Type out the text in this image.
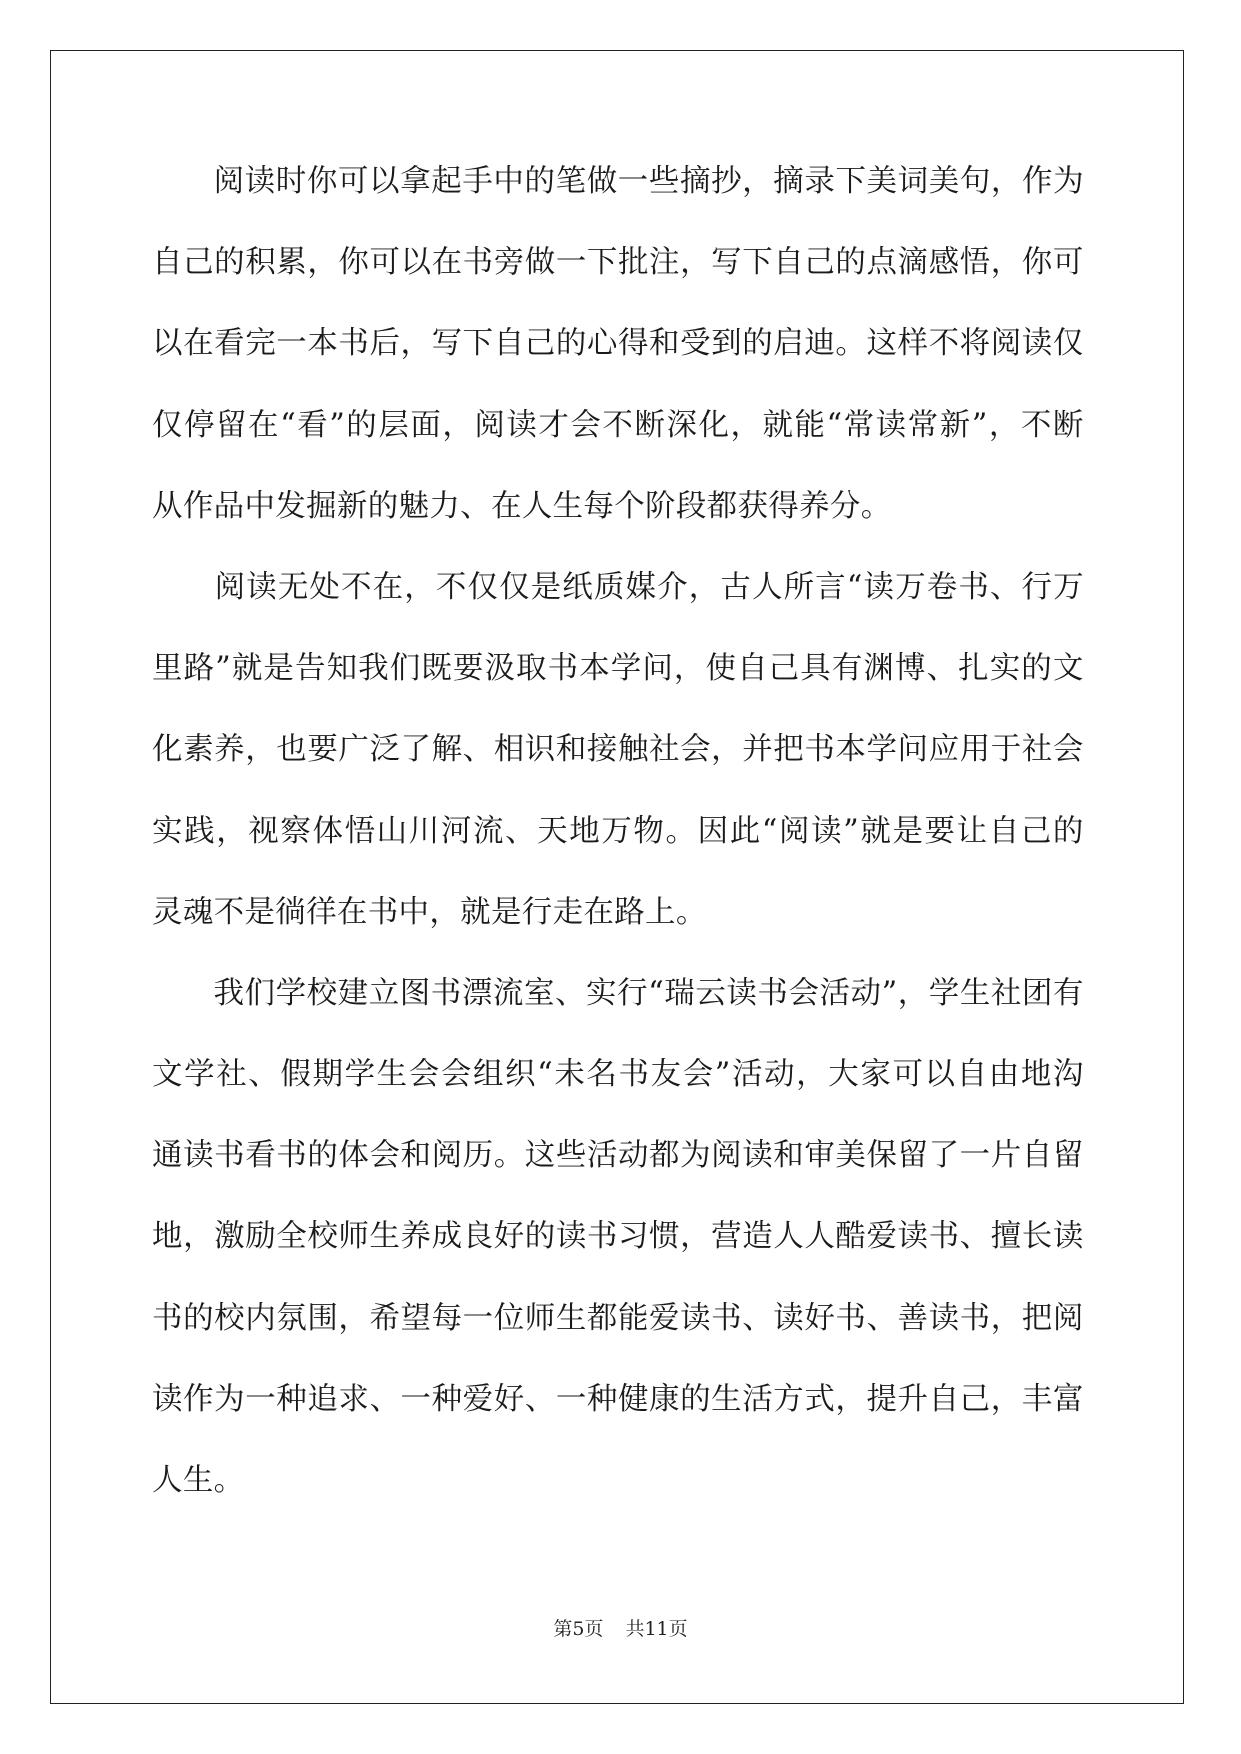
阅 读 时 你 可 以 拿 起 手 中 的 笔 做 一 些 摘 抄 ， 摘 录 下 美 词 美 句 ， 作 为
自 己 的 积 累 ， 你 可 以 在 书 旁 做 一 下 批 注 ， 写 下 自 己 的 点 滴 感 悟 ， 你 可
以 在 看 完 一 本 书 后 ， 写 下 自 己 的 心 得 和 受 到 的 启 迪 。 这 样 不 将 阅 读 仅
仅 停 留 在 “ 看 ” 的 层 面 ， 阅 读 才 会 不 断 深 化 ， 就 能 “ 常 读 常 新 ” ， 不 断
从 作 品 中 发 掘 新 的 魅 力 、 在 人 生 每 个 阶 段 都 获 得 养 分 。

阅 读 无 处 不 在 ， 不 仅 仅 是 纸 质 媒 介 ， 古 人 所 言 “ 读 万 卷 书 、 行 万
里 路 ” 就 是 告 知 我 们 既 要 汲 取 书 本 学 问 ， 使 自 己 具 有 渊 博 、 扎 实 的 文
化 素 养 ， 也 要 广 泛 了 解 、 相 识 和 接 触 社 会 ， 并 把 书 本 学 问 应 用 于 社 会
实 践 ， 视 察 体 悟 山 川 河 流 、 天 地 万 物 。 因 此 “ 阅 读 ” 就 是 要 让 自 己 的
灵 魂 不 是 徜 徉 在 书 中 ， 就 是 行 走 在 路 上 。

我 们 学 校 建 立 图 书 漂 流 室 、 实 行 “ 瑞 云 读 书 会 活 动 ” ， 学 生 社 团 有
文 学 社 、 假 期 学 生 会 会 组 织 “ 未 名 书 友 会 ” 活 动 ， 大 家 可 以 自 由 地 沟
通 读 书 看 书 的 体 会 和 阅 历 。 这 些 活 动 都 为 阅 读 和 审 美 保 留 了 一 片 自 留
地 ， 激 励 全 校 师 生 养 成 良 好 的 读 书 习 惯 ， 营 造 人 人 酷 爱 读 书 、 擅 长 读
书 的 校 内 氛 围 ， 希 望 每 一 位 师 生 都 能 爱 读 书 、 读 好 书 、 善 读 书 ， 把 阅
读 作 为 一 种 追 求 、 一 种 爱 好 、 一 种 健 康 的 生 活 方 式 ， 提 升 自 己 ， 丰 富
人 生 。
第5页 共11页
